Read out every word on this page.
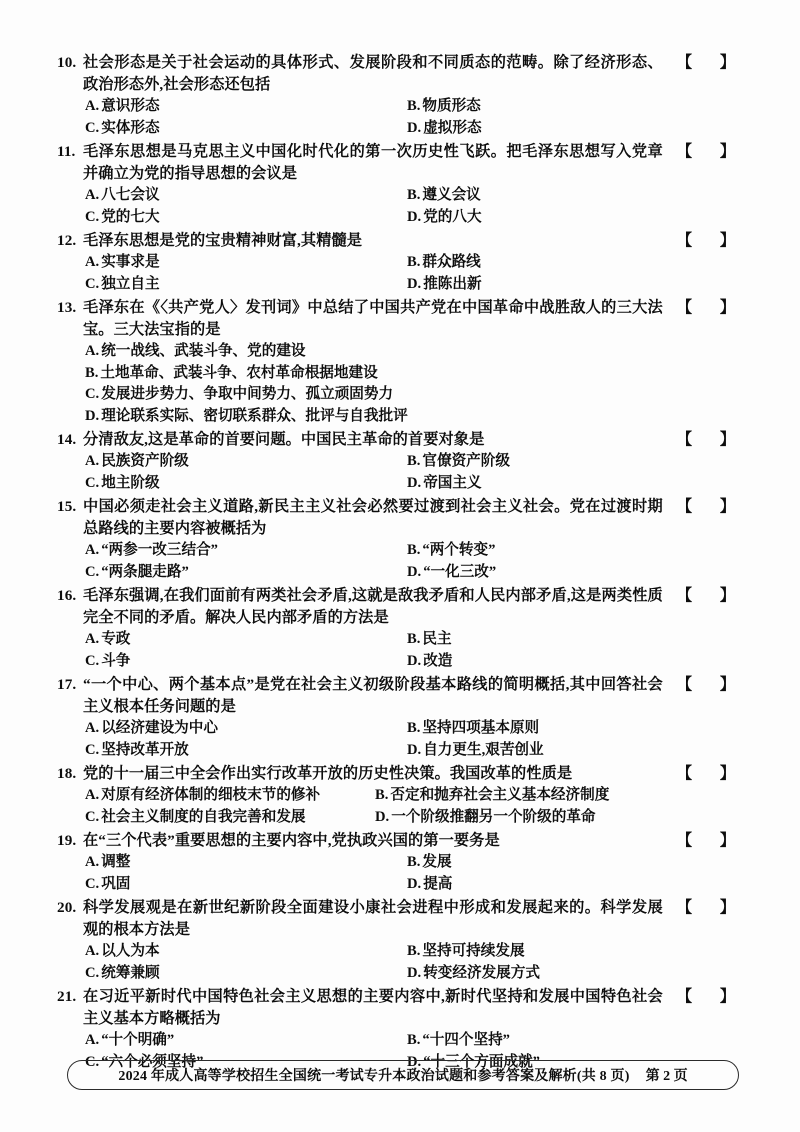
10. 社会形态是关于社会运动的具体形式、发展阶段和不同质态的范畴。除了经济形态、政治形态外,社会形态还包括
【 】
A. 意识形态	B. 物质形态
C. 实体形态	D. 虚拟形态
11. 毛泽东思想是马克思主义中国化时代化的第一次历史性飞跃。把毛泽东思想写入党章并确立为党的指导思想的会议是
【 】
A. 八七会议	B. 遵义会议
C. 党的七大	D. 党的八大
12. 毛泽东思想是党的宝贵精神财富,其精髓是	【 】
A. 实事求是	B. 群众路线
C. 独立自主	D. 推陈出新
13. 毛泽东在《〈共产党人〉发刊词》中总结了中国共产党在中国革命中战胜敌人的三大法宝。三大法宝指的是
【 】
A. 统一战线、武装斗争、党的建设
B. 土地革命、武装斗争、农村革命根据地建设
C. 发展进步势力、争取中间势力、孤立顽固势力
D. 理论联系实际、密切联系群众、批评与自我批评
14. 分清敌友,这是革命的首要问题。中国民主革命的首要对象是	【 】
A. 民族资产阶级	B. 官僚资产阶级
C. 地主阶级	D. 帝国主义
15. 中国必须走社会主义道路,新民主主义社会必然要过渡到社会主义社会。党在过渡时期总路线的主要内容被概括为
【 】
A. “两参一改三结合”	B. “两个转变”
C. “两条腿走路”	D. “一化三改”
16. 毛泽东强调,在我们面前有两类社会矛盾,这就是敌我矛盾和人民内部矛盾,这是两类性质完全不同的矛盾。解决人民内部矛盾的方法是
【 】
A. 专政	B. 民主
C. 斗争	D. 改造
17. “一个中心、两个基本点”是党在社会主义初级阶段基本路线的简明概括,其中回答社会主义根本任务问题的是
【 】
A. 以经济建设为中心	B. 坚持四项基本原则
C. 坚持改革开放	D. 自力更生,艰苦创业
18. 党的十一届三中全会作出实行改革开放的历史性决策。我国改革的性质是	【 】
A. 对原有经济体制的细枝末节的修补	B. 否定和抛弃社会主义基本经济制度
C. 社会主义制度的自我完善和发展	D. 一个阶级推翻另一个阶级的革命
19. 在“三个代表”重要思想的主要内容中,党执政兴国的第一要务是	【 】
A. 调整	B. 发展
C. 巩固	D. 提高
20. 科学发展观是在新世纪新阶段全面建设小康社会进程中形成和发展起来的。科学发展观的根本方法是
【 】
A. 以人为本	B. 坚持可持续发展
C. 统筹兼顾	D. 转变经济发展方式
21. 在习近平新时代中国特色社会主义思想的主要内容中,新时代坚持和发展中国特色社会主义基本方略概括为
【 】
A. “十个明确”	B. “十四个坚持”
C. “六个必须坚持”	D. “十三个方面成就”
2024 年成人高等学校招生全国统一考试专升本政治试题和参考答案及解析(共 8 页) 第 2 页
